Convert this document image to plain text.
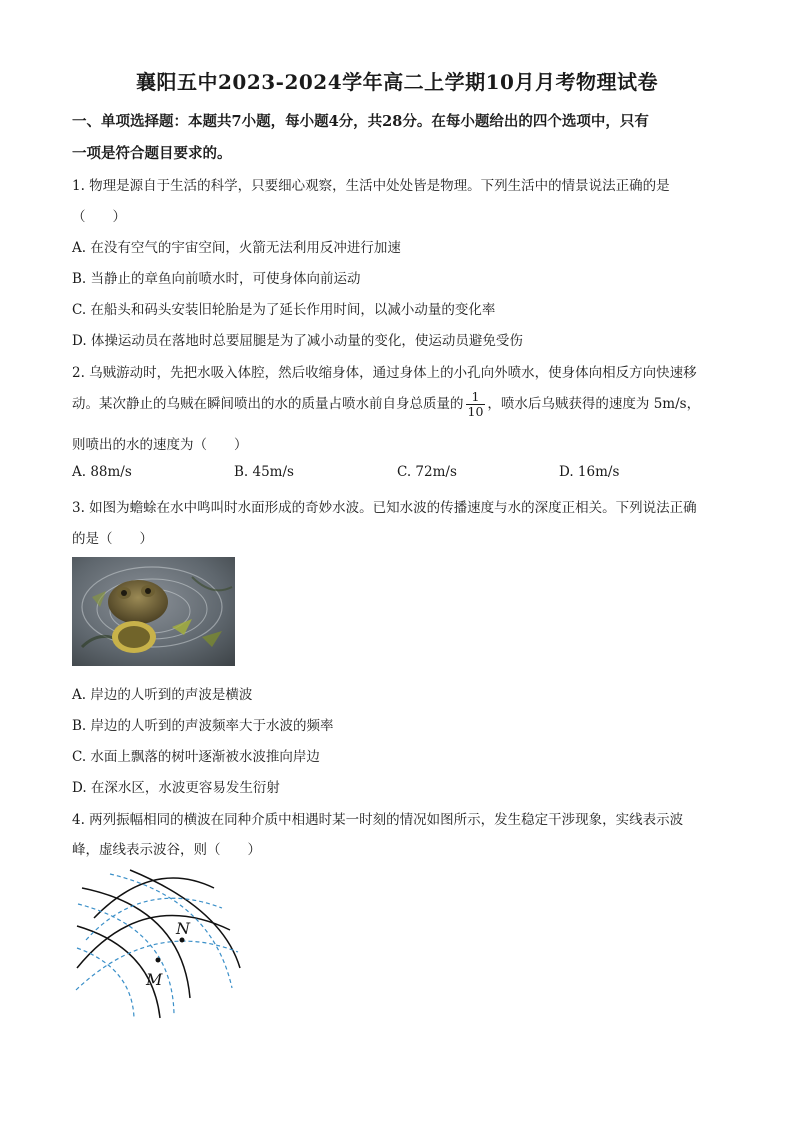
襄阳五中2023-2024学年高二上学期10月月考物理试卷
一、单项选择题：本题共7小题，每小题4分，共28分。在每小题给出的四个选项中，只有
一项是符合题目要求的。
1. 物理是源自于生活的科学，只要细心观察，生活中处处皆是物理。下列生活中的情景说法正确的是
（　　）
A. 在没有空气的宇宙空间，火箭无法利用反冲进行加速
B. 当静止的章鱼向前喷水时，可使身体向前运动
C. 在船头和码头安装旧轮胎是为了延长作用时间，以减小动量的变化率
D. 体操运动员在落地时总要屈腿是为了减小动量的变化，使运动员避免受伤
2. 乌贼游动时，先把水吸入体腔，然后收缩身体，通过身体上的小孔向外喷水，使身体向相反方向快速移
动。某次静止的乌贼在瞬间喷出的水的质量占喷水前自身总质量的 $\frac{1}{10}$ ，喷水后乌贼获得的速度为 5m/s，
则喷出的水的速度为（　　）
A. 88m/s	B. 45m/s	C. 72m/s	D. 16m/s
3. 如图为蟾蜍在水中鸣叫时水面形成的奇妙水波。已知水波的传播速度与水的深度正相关。下列说法正确
的是（　　）
A. 岸边的人听到的声波是横波
B. 岸边的人听到的声波频率大于水波的频率
C. 水面上飘落的树叶逐渐被水波推向岸边
D. 在深水区，水波更容易发生衍射
4. 两列振幅相同的横波在同种介质中相遇时某一时刻的情况如图所示，发生稳定干涉现象，实线表示波
峰，虚线表示波谷，则（　　）
N
M
